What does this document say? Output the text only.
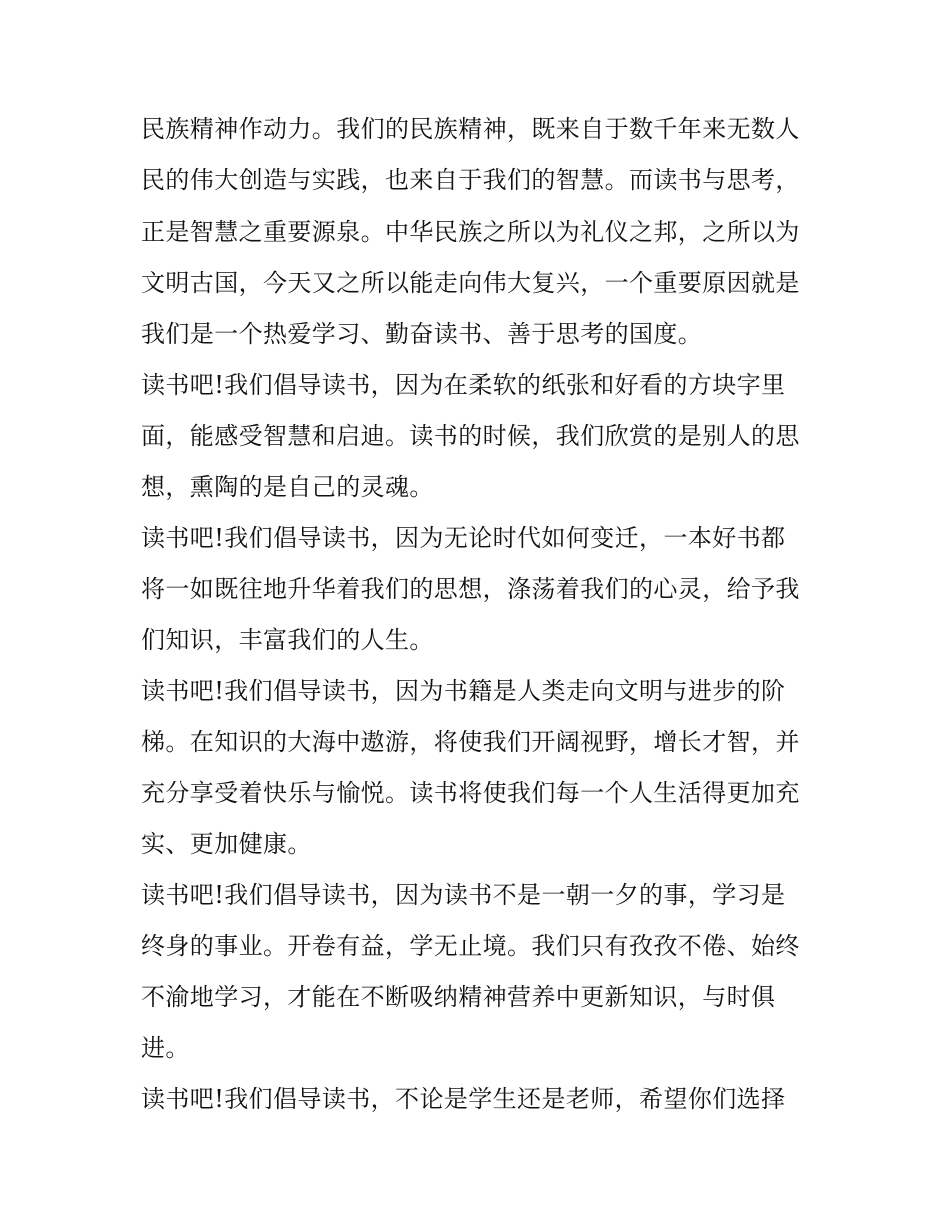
民族精神作动力。我们的民族精神，既来自于数千年来无数人
民的伟大创造与实践，也来自于我们的智慧。而读书与思考，
正是智慧之重要源泉。中华民族之所以为礼仪之邦，之所以为
文明古国，今天又之所以能走向伟大复兴，一个重要原因就是
我们是一个热爱学习、勤奋读书、善于思考的国度。
读书吧!我们倡导读书，因为在柔软的纸张和好看的方块字里
面，能感受智慧和启迪。读书的时候，我们欣赏的是别人的思
想，熏陶的是自己的灵魂。
读书吧!我们倡导读书，因为无论时代如何变迁，一本好书都
将一如既往地升华着我们的思想，涤荡着我们的心灵，给予我
们知识，丰富我们的人生。
读书吧!我们倡导读书，因为书籍是人类走向文明与进步的阶
梯。在知识的大海中遨游，将使我们开阔视野，增长才智，并
充分享受着快乐与愉悦。读书将使我们每一个人生活得更加充
实、更加健康。
读书吧!我们倡导读书，因为读书不是一朝一夕的事，学习是
终身的事业。开卷有益，学无止境。我们只有孜孜不倦、始终
不渝地学习，才能在不断吸纳精神营养中更新知识，与时俱
进。
读书吧!我们倡导读书，不论是学生还是老师，希望你们选择
